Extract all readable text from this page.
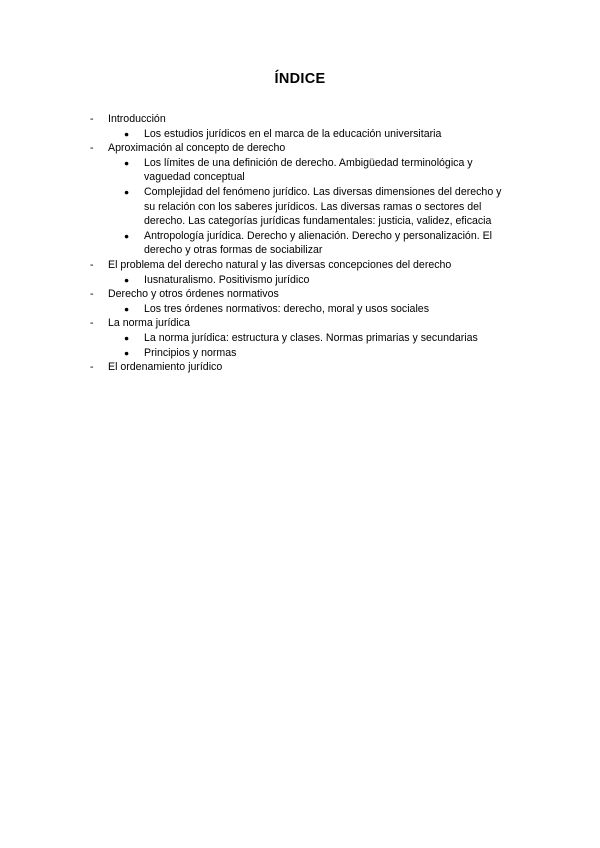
ÍNDICE
- Introducción
● Los estudios jurídicos en el marca de la educación universitaria
- Aproximación al concepto de derecho
● Los límites de una definición de derecho. Ambigüedad terminológica y vaguedad conceptual
● Complejidad del fenómeno jurídico. Las diversas dimensiones del derecho y su relación con los saberes jurídicos. Las diversas ramas o sectores del derecho. Las categorías jurídicas fundamentales: justicia, validez, eficacia
● Antropología jurídica. Derecho y alienación. Derecho y personalización. El derecho y otras formas de sociabilizar
- El problema del derecho natural y las diversas concepciones del derecho
● Iusnaturalismo. Positivismo jurídico
- Derecho y otros órdenes normativos
● Los tres órdenes normativos: derecho, moral y usos sociales
- La norma jurídica
● La norma jurídica: estructura y clases. Normas primarias y secundarias
● Principios y normas
- El ordenamiento jurídico
